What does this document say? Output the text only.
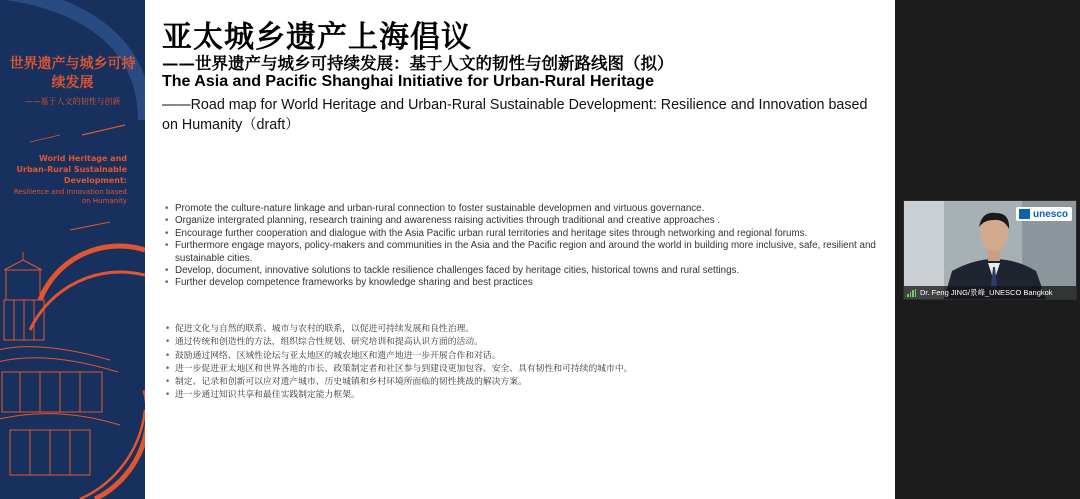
世界遗产与城乡可持续发展
——基于人文的韧性与创新
World Heritage and Urban-Rural Sustainable Development:
Resilience and Innovation based on Humanity
亚太城乡遗产上海倡议
——世界遗产与城乡可持续发展：基于人文的韧性与创新路线图（拟）
The Asia and Pacific Shanghai Initiative for Urban-Rural Heritage
——Road map for World Heritage and Urban-Rural Sustainable Development: Resilience and Innovation based on Humanity（draft）
• Promote the culture-nature linkage and urban-rural connection to foster sustainable developmen and virtuous governance.
• Organize intergrated planning, research training and awareness raising activities through traditional and creative approaches .
• Encourage further cooperation and dialogue with the Asia Pacific urban rural territories and heritage sites through networking and regional forums.
• Furthermore engage mayors, policy-makers and communities in the Asia and the Pacific region and around the world in building more inclusive, safe, resilient and sustainable cities.
• Develop, document, innovative solutions to tackle resilience challenges faced by heritage cities, historical towns and rural settings.
• Further develop competence frameworks by knowledge sharing and best practices
• 促进文化与自然的联系、城市与农村的联系，以促进可持续发展和良性治理。
• 通过传统和创造性的方法，组织综合性规划、研究培训和提高认识方面的活动。
• 鼓励通过网络、区域性论坛与亚太地区的城农地区和遗产地进一步开展合作和对话。
• 进一步促进亚太地区和世界各地的市长、政策制定者和社区参与到建设更加包容、安全、具有韧性和可持续的城市中。
• 制定、记录和创新可以应对遗产城市、历史城镇和乡村环境所面临的韧性挑战的解决方案。
• 进一步通过知识共享和最佳实践制定能力框架。
unesco
Dr. Feng JING/景峰_UNESCO Bangkok
